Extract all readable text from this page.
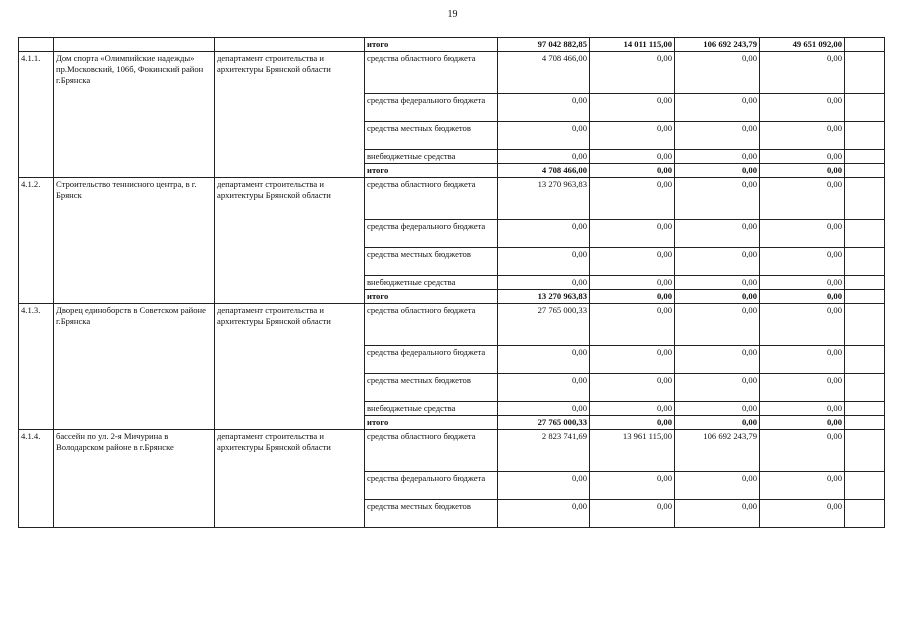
19
			итого	97 042 882,85	14 011 115,00	106 692 243,79	49 651 092,00	
4.1.1.	Дом спорта «Олимпийские надежды» пр.Московский, 106б, Фокинский район г.Брянска	департамент строительства и архитектуры Брянской области	средства областного бюджета	4 708 466,00	0,00	0,00	0,00	
			средства федерального бюджета	0,00	0,00	0,00	0,00	
			средства местных бюджетов	0,00	0,00	0,00	0,00	
			внебюджетные средства	0,00	0,00	0,00	0,00	
			итого	4 708 466,00	0,00	0,00	0,00	
4.1.2.	Строительство теннисного центра, в г. Брянск	департамент строительства и архитектуры Брянской области	средства областного бюджета	13 270 963,83	0,00	0,00	0,00	
			средства федерального бюджета	0,00	0,00	0,00	0,00	
			средства местных бюджетов	0,00	0,00	0,00	0,00	
			внебюджетные средства	0,00	0,00	0,00	0,00	
			итого	13 270 963,83	0,00	0,00	0,00	
4.1.3.	Дворец единоборств в Советском районе г.Брянска	департамент строительства и архитектуры Брянской области	средства областного бюджета	27 765 000,33	0,00	0,00	0,00	
			средства федерального бюджета	0,00	0,00	0,00	0,00	
			средства местных бюджетов	0,00	0,00	0,00	0,00	
			внебюджетные средства	0,00	0,00	0,00	0,00	
			итого	27 765 000,33	0,00	0,00	0,00	
4.1.4.	бассейн по ул. 2-я Мичурина в Володарском районе в г.Брянске	департамент строительства и архитектуры Брянской области	средства областного бюджета	2 823 741,69	13 961 115,00	106 692 243,79	0,00	
			средства федерального бюджета	0,00	0,00	0,00	0,00	
			средства местных бюджетов	0,00	0,00	0,00	0,00	
